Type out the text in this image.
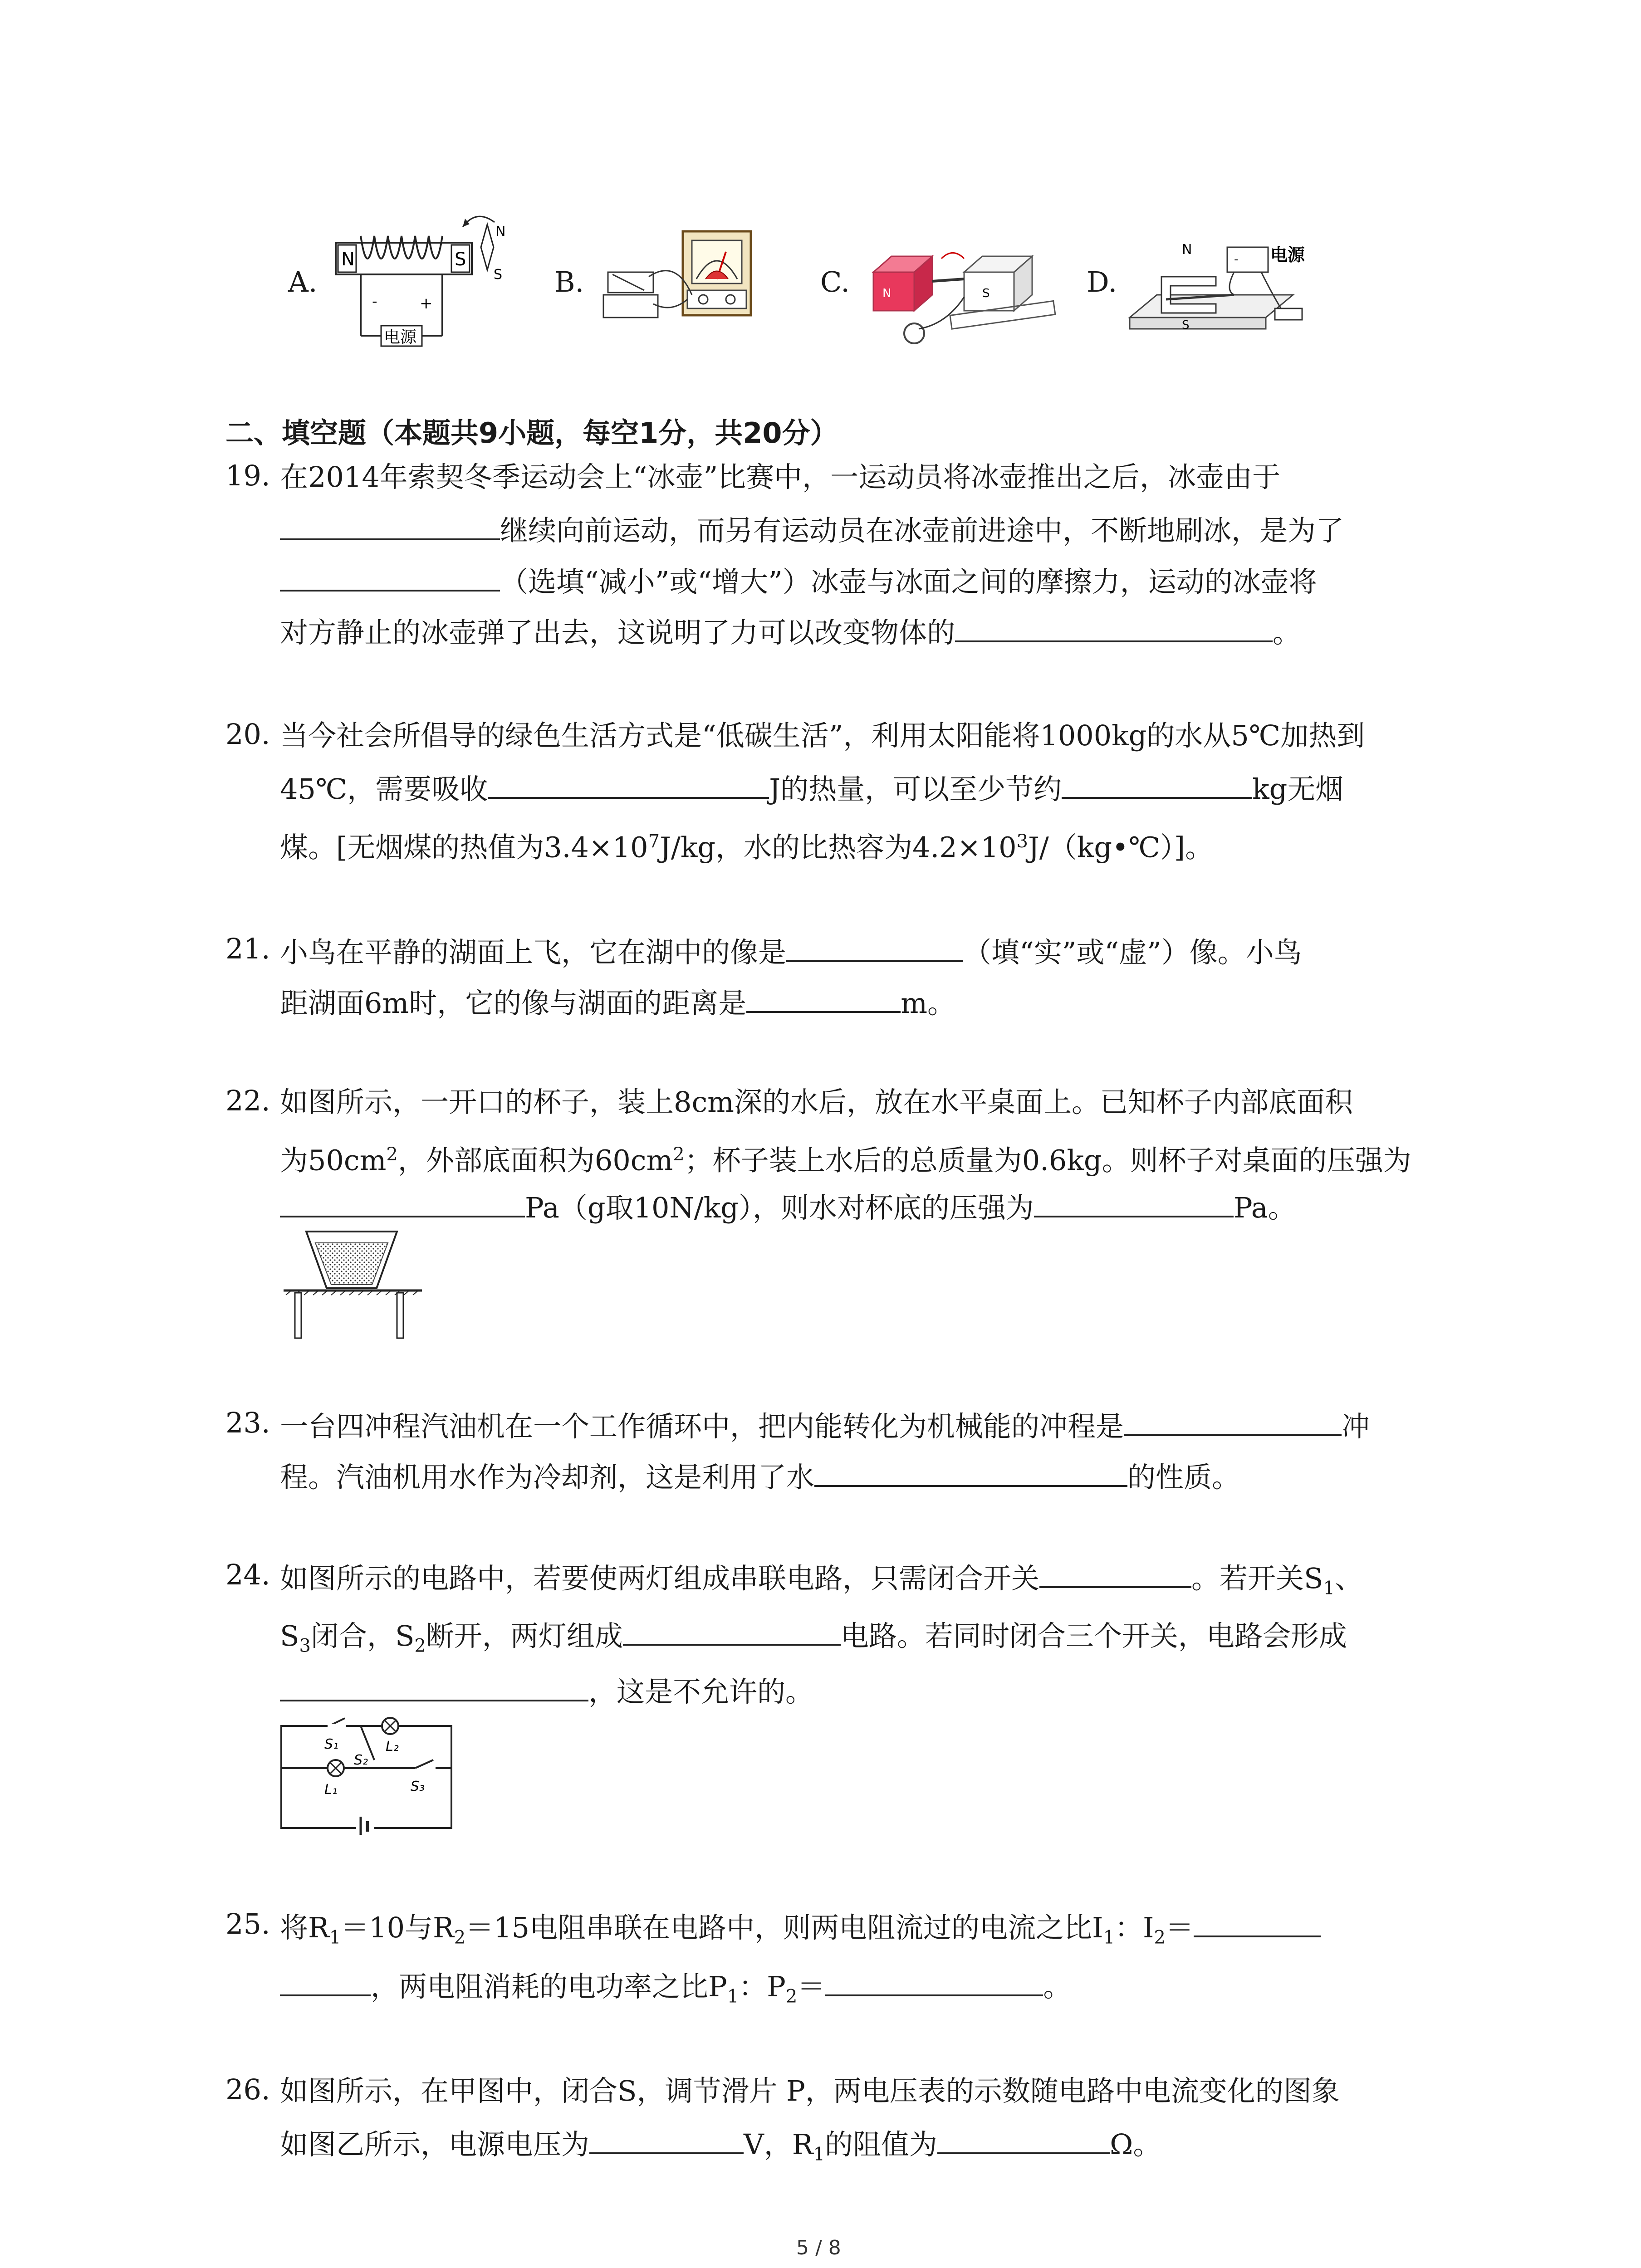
A.
N	S
N
S
-	+
电源
B.	C.	N	S	D.
N
S
- 电源
二、填空题（本题共9小题，每空1分，共20分）
19. 在2014年索契冬季运动会上“冰壶”比赛中，一运动员将冰壶推出之后，冰壶由于
继续向前运动，而另有运动员在冰壶前进途中，不断地刷冰，是为了
（选填“减小”或“增大”）冰壶与冰面之间的摩擦力，运动的冰壶将
对方静止的冰壶弹了出去，这说明了力可以改变物体的	。
20. 当今社会所倡导的绿色生活方式是“低碳生活”，利用太阳能将1000kg的水从5℃加热到
45℃，需要吸收	J的热量，可以至少节约	kg无烟
煤。[无烟煤的热值为$3.4\times 10^7J/kg$，水的比热容为$4.2\times 10^3J/(kg•℃)$]。
21. 小鸟在平静的湖面上飞，它在湖中的像是	（填“实”或“虚”）像。小鸟
距湖面6m时，它的像与湖面的距离是	m。
22. 如图所示，一开口的杯子，装上8cm深的水后，放在水平桌面上。已知杯子内部底面积
为$50cm^2$，外部底面积为$60cm^2$；杯子装上水后的总质量为0.6kg。则杯子对桌面的压强为
Pa（g取10N/kg），则水对杯底的压强为	Pa。
23. 一台四冲程汽油机在一个工作循环中，把内能转化为机械能的冲程是	冲
程。汽油机用水作为冷却剂，这是利用了水	的性质。
24. 如图所示的电路中，若要使两灯组成串联电路，只需闭合开关	。若开关$S_1$、
$S_3$闭合，$S_2$断开，两灯组成	电路。若同时闭合三个开关，电路会形成
，这是不允许的。
S₁
S₂
S₃
L₁
L₂
25. 将$R_1=10$与$R_2=15$电阻串联在电路中，则两电阻流过的电流之比$I_1$：$I_2=$
，两电阻消耗的电功率之比$P_1$：$P_2=$	。
26. 如图所示，在甲图中，闭合S，调节滑片 P，两电压表的示数随电路中电流变化的图象
如图乙所示，电源电压为	V，$R_1$的阻值为	Ω。
5 / 8
